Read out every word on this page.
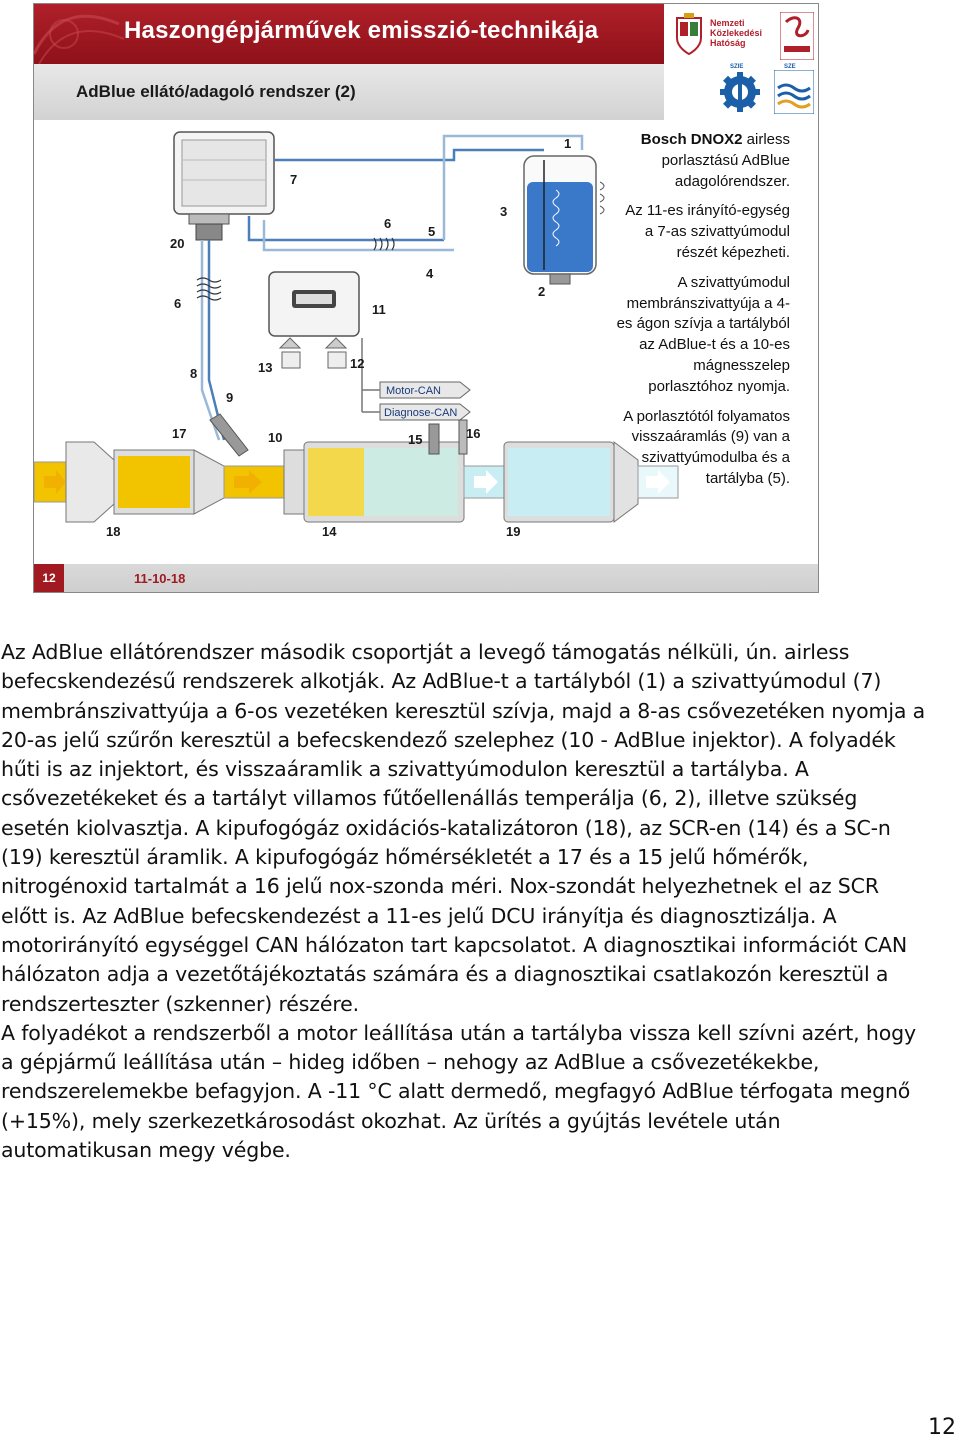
Haszongépjárművek emisszió-technikája
AdBlue ellátó/adagoló rendszer (2)
Nemzeti Közlekedési Hatóság
SZIE	SZE
1
2
3
4
5
6
6
7
8
9
10
11
12
13
14
15	16
17
18	19
20
Motor-CAN
Diagnose-CAN

Bosch DNOX2 airless porlasztású AdBlue adagolórendszer.

Az 11-es irányító-egység a 7-as szivattyúmodul részét képezheti.

A szivattyúmodul membránszivattyúja a 4-es ágon szívja a tartályból az AdBlue-t és a 10-es mágnesszelep porlasztóhoz nyomja.

A porlasztótól folyamatos visszaáramlás (9) van a szivattyúmodulba és a tartályba (5).

12	11-10-18

Az AdBlue ellátórendszer második csoportját a levegő támogatás nélküli, ún. airless befecskendezésű rendszerek alkotják. Az AdBlue-t a tartályból (1) a szivattyúmodul (7) membránszivattyúja a 6-os vezetéken keresztül szívja, majd a 8-as csővezetéken nyomja a 20-as jelű szűrőn keresztül a befecskendező szelephez (10 - AdBlue injektor). A folyadék hűti is az injektort, és visszaáramlik a szivattyúmodulon keresztül a tartályba. A csővezetékeket és a tartályt villamos fűtőellenállás temperálja (6, 2), illetve szükség esetén kiolvasztja. A kipufogógáz oxidációs-katalizátoron (18), az SCR-en (14) és a SC-n (19) keresztül áramlik. A kipufogógáz hőmérsékletét a 17 és a 15 jelű hőmérők, nitrogénoxid tartalmát a 16 jelű nox-szonda méri. Nox-szondát helyezhetnek el az SCR előtt is. Az AdBlue befecskendezést a 11-es jelű DCU irányítja és diagnosztizálja. A motorirányító egységgel CAN hálózaton tart kapcsolatot. A diagnosztikai információt CAN hálózaton adja a vezetőtájékoztatás számára és a diagnosztikai csatlakozón keresztül a rendszerteszter (szkenner) részére.

A folyadékot a rendszerből a motor leállítása után a tartályba vissza kell szívni azért, hogy a gépjármű leállítása után – hideg időben – nehogy az AdBlue a csővezetékekbe, rendszerelemekbe befagyjon. A -11 °C alatt dermedő, megfagyó AdBlue térfogata megnő (+15%), mely szerkezetkárosodást okozhat. Az ürítés a gyújtás levétele után automatikusan megy végbe.

12
